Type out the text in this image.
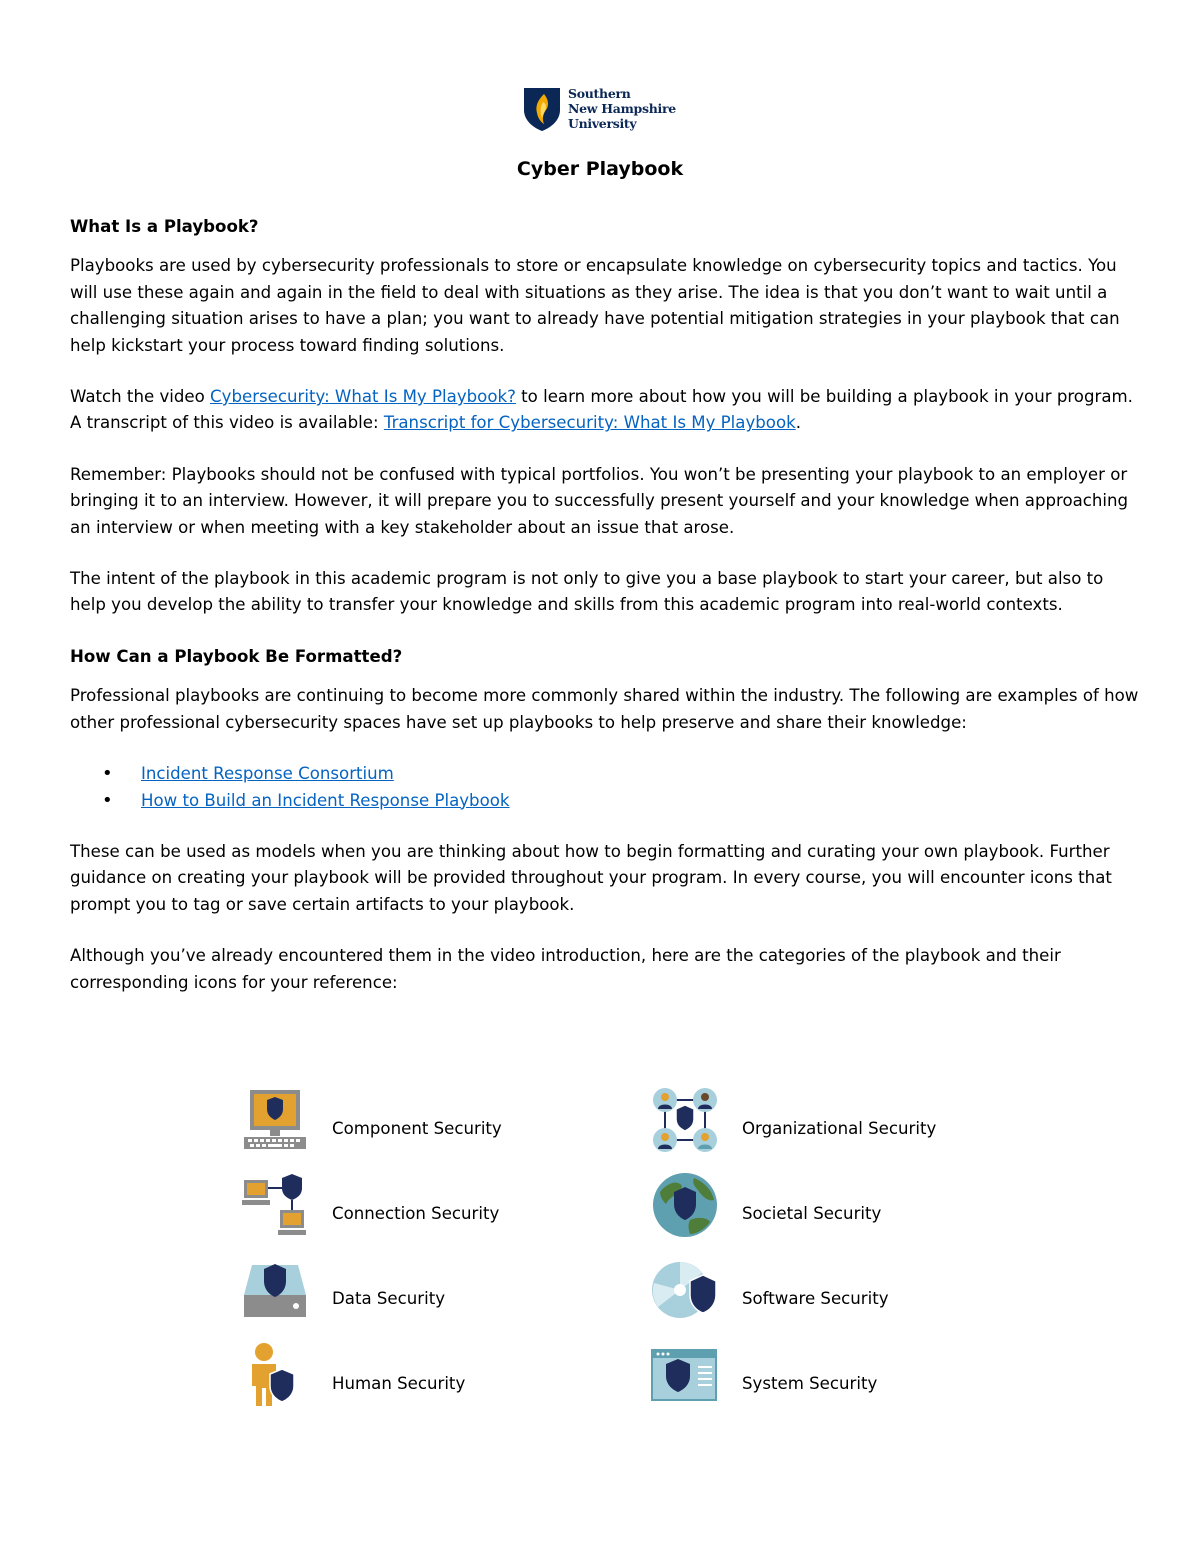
Southern
New Hampshire
University
Cyber Playbook

What Is a Playbook?

Playbooks are used by cybersecurity professionals to store or encapsulate knowledge on cybersecurity topics and tactics. You will use these again and again in the field to deal with situations as they arise. The idea is that you don’t want to wait until a challenging situation arises to have a plan; you want to already have potential mitigation strategies in your playbook that can help kickstart your process toward finding solutions.

Watch the video Cybersecurity: What Is My Playbook? to learn more about how you will be building a playbook in your program. A transcript of this video is available: Transcript for Cybersecurity: What Is My Playbook.

Remember: Playbooks should not be confused with typical portfolios. You won’t be presenting your playbook to an employer or bringing it to an interview. However, it will prepare you to successfully present yourself and your knowledge when approaching an interview or when meeting with a key stakeholder about an issue that arose.

The intent of the playbook in this academic program is not only to give you a base playbook to start your career, but also to help you develop the ability to transfer your knowledge and skills from this academic program into real-world contexts.

How Can a Playbook Be Formatted?

Professional playbooks are continuing to become more commonly shared within the industry. The following are examples of how other professional cybersecurity spaces have set up playbooks to help preserve and share their knowledge:

• Incident Response Consortium
• How to Build an Incident Response Playbook

These can be used as models when you are thinking about how to begin formatting and curating your own playbook. Further guidance on creating your playbook will be provided throughout your program. In every course, you will encounter icons that prompt you to tag or save certain artifacts to your playbook.

Although you’ve already encountered them in the video introduction, here are the categories of the playbook and their corresponding icons for your reference:

Component Security	Organizational Security
Connection Security	Societal Security
Data Security	Software Security
Human Security	System Security
